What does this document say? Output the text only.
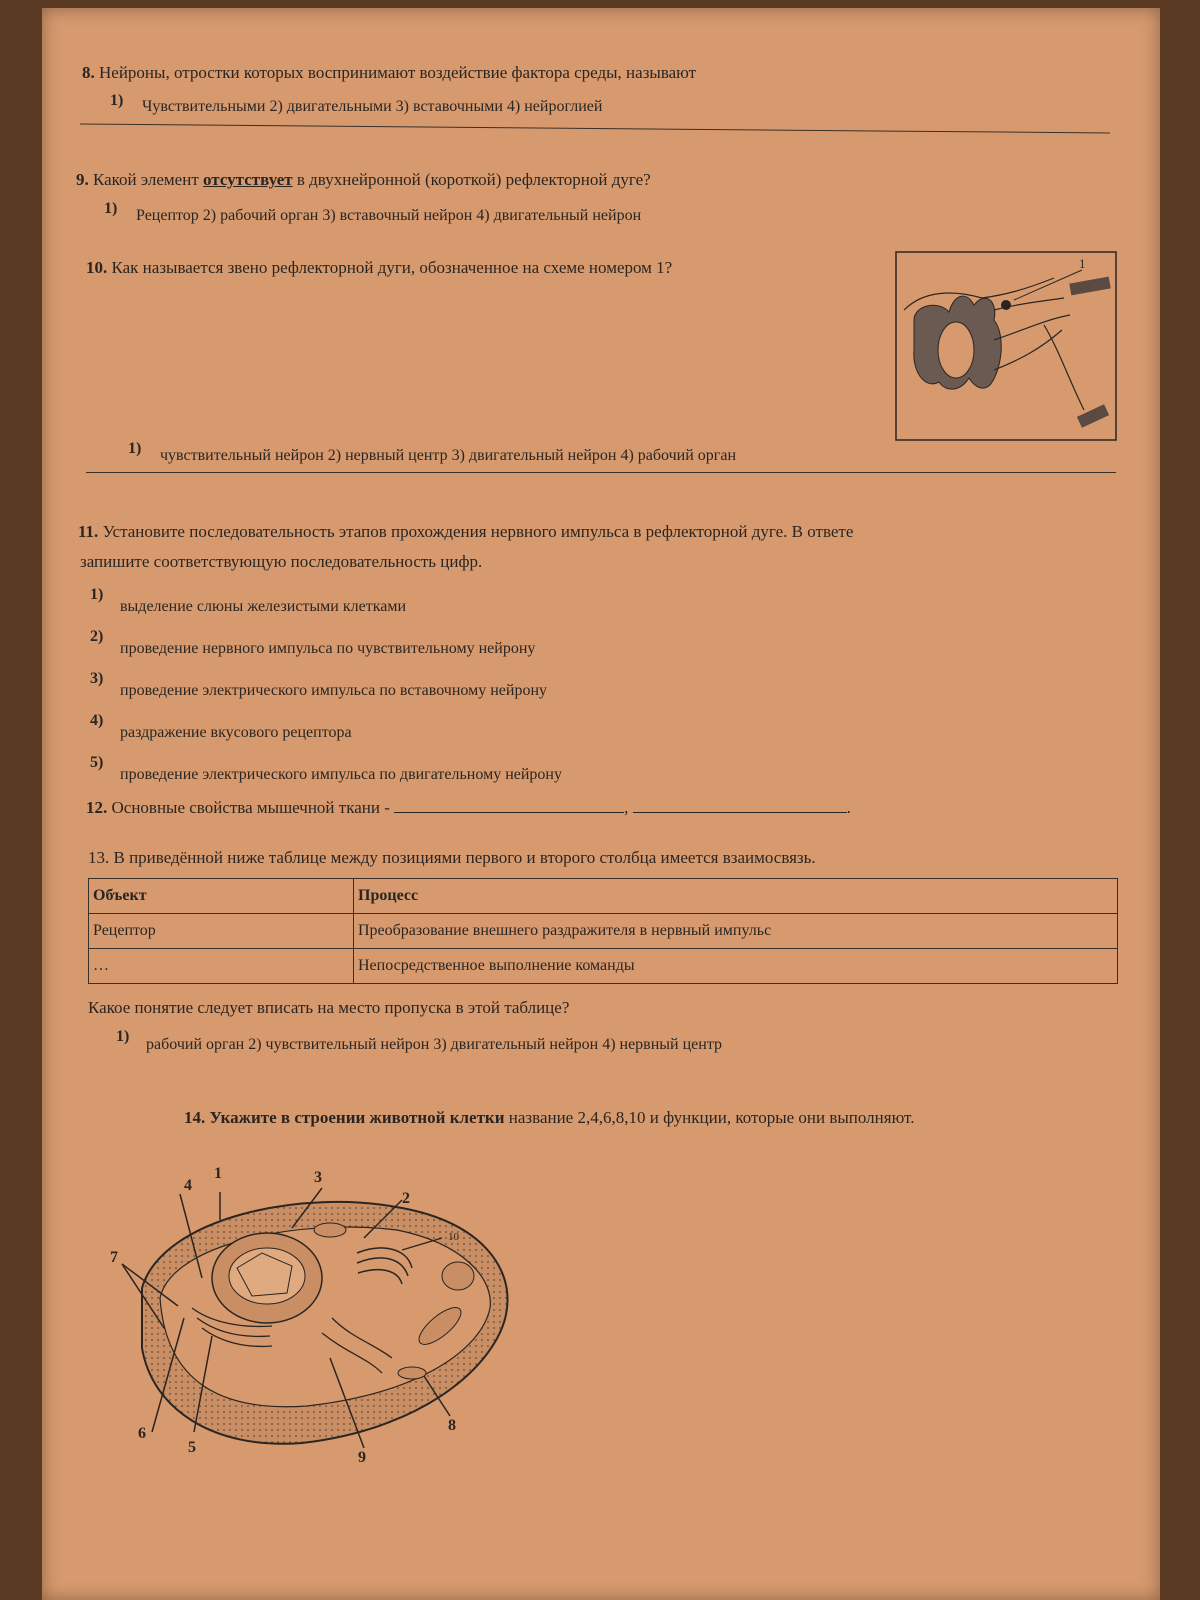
8. Нейроны, отростки которых воспринимают воздействие фактора среды, называют
1) Чувствительными 2) двигательными 3) вставочными 4) нейроглией
9. Какой элемент отсутствует в двухнейронной (короткой) рефлекторной дуге?
1) Рецептор 2) рабочий орган 3) вставочный нейрон 4) двигательный нейрон
10. Как называется звено рефлекторной дуги, обозначенное на схеме номером 1?	1
1) чувствительный нейрон 2) нервный центр 3) двигательный нейрон 4) рабочий орган
11. Установите последовательность этапов прохождения нервного импульса в рефлекторной дуге. В ответе
запишите соответствующую последовательность цифр.
1)
выделение слюны железистыми клетками
2)
проведение нервного импульса по чувствительному нейрону
3)
проведение электрического импульса по вставочному нейрону
4)
раздражение вкусового рецептора
5)
проведение электрического импульса по двигательному нейрону
12. Основные свойства мышечной ткани -	,	.
13. В приведённой ниже таблице между позициями первого и второго столбца имеется взаимосвязь.
Объект	Процесс
Рецептор	Преобразование внешнего раздражителя в нервный импульс
…	Непосредственное выполнение команды
Какое понятие следует вписать на место пропуска в этой таблице?
1) рабочий орган 2) чувствительный нейрон 3) двигательный нейрон 4) нервный центр
14. Укажите в строении животной клетки название 2,4,6,8,10 и функции, которые они выполняют.
1
2
3
4
5
6
7
8
9
10
